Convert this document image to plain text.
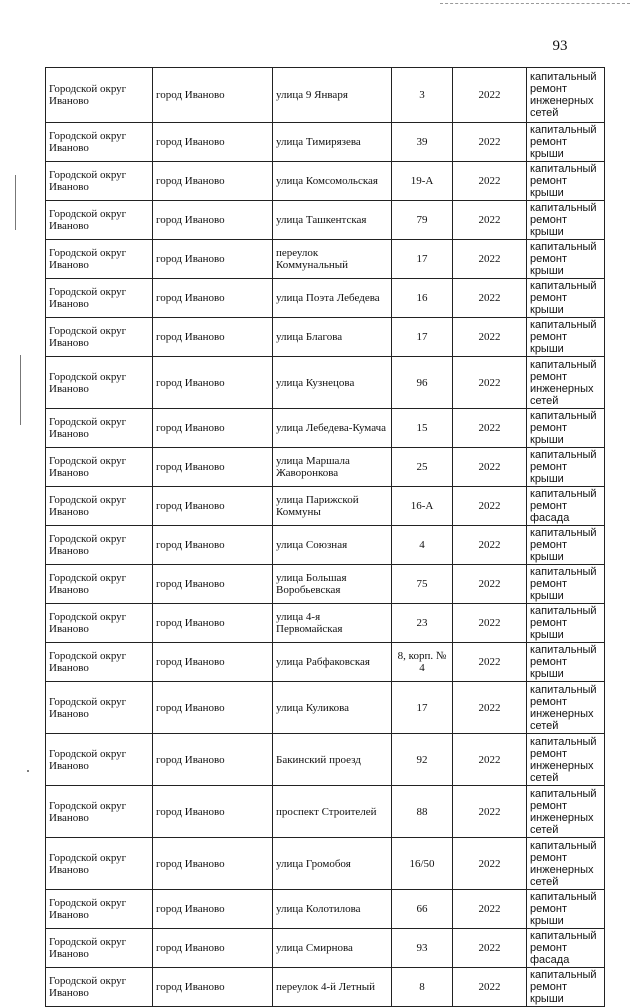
93
Городской округ Иваново	город Иваново	улица 9 Января	3	2022	капитальный ремонт инженерных сетей
Городской округ Иваново	город Иваново	улица Тимирязева	39	2022	капитальный ремонт крыши
Городской округ Иваново	город Иваново	улица Комсомольская	19-А	2022	капитальный ремонт крыши
Городской округ Иваново	город Иваново	улица Ташкентская	79	2022	капитальный ремонт крыши
Городской округ Иваново	город Иваново	переулок Коммунальный	17	2022	капитальный ремонт крыши
Городской округ Иваново	город Иваново	улица Поэта Лебедева	16	2022	капитальный ремонт крыши
Городской округ Иваново	город Иваново	улица Благова	17	2022	капитальный ремонт крыши
Городской округ Иваново	город Иваново	улица Кузнецова	96	2022	капитальный ремонт инженерных сетей
Городской округ Иваново	город Иваново	улица Лебедева-Кумача	15	2022	капитальный ремонт крыши
Городской округ Иваново	город Иваново	улица Маршала Жаворонкова	25	2022	капитальный ремонт крыши
Городской округ Иваново	город Иваново	улица Парижской Коммуны	16-А	2022	капитальный ремонт фасада
Городской округ Иваново	город Иваново	улица Союзная	4	2022	капитальный ремонт крыши
Городской округ Иваново	город Иваново	улица Большая Воробьевская	75	2022	капитальный ремонт крыши
Городской округ Иваново	город Иваново	улица 4-я Первомайская	23	2022	капитальный ремонт крыши
Городской округ Иваново	город Иваново	улица Рабфаковская	8, корп. № 4	2022	капитальный ремонт крыши
Городской округ Иваново	город Иваново	улица Куликова	17	2022	капитальный ремонт инженерных сетей
Городской округ Иваново	город Иваново	Бакинский проезд	92	2022	капитальный ремонт инженерных сетей
Городской округ Иваново	город Иваново	проспект Строителей	88	2022	капитальный ремонт инженерных сетей
Городской округ Иваново	город Иваново	улица Громобоя	16/50	2022	капитальный ремонт инженерных сетей
Городской округ Иваново	город Иваново	улица Колотилова	66	2022	капитальный ремонт крыши
Городской округ Иваново	город Иваново	улица Смирнова	93	2022	капитальный ремонт фасада
Городской округ Иваново	город Иваново	переулок 4-й Летный	8	2022	капитальный ремонт крыши
